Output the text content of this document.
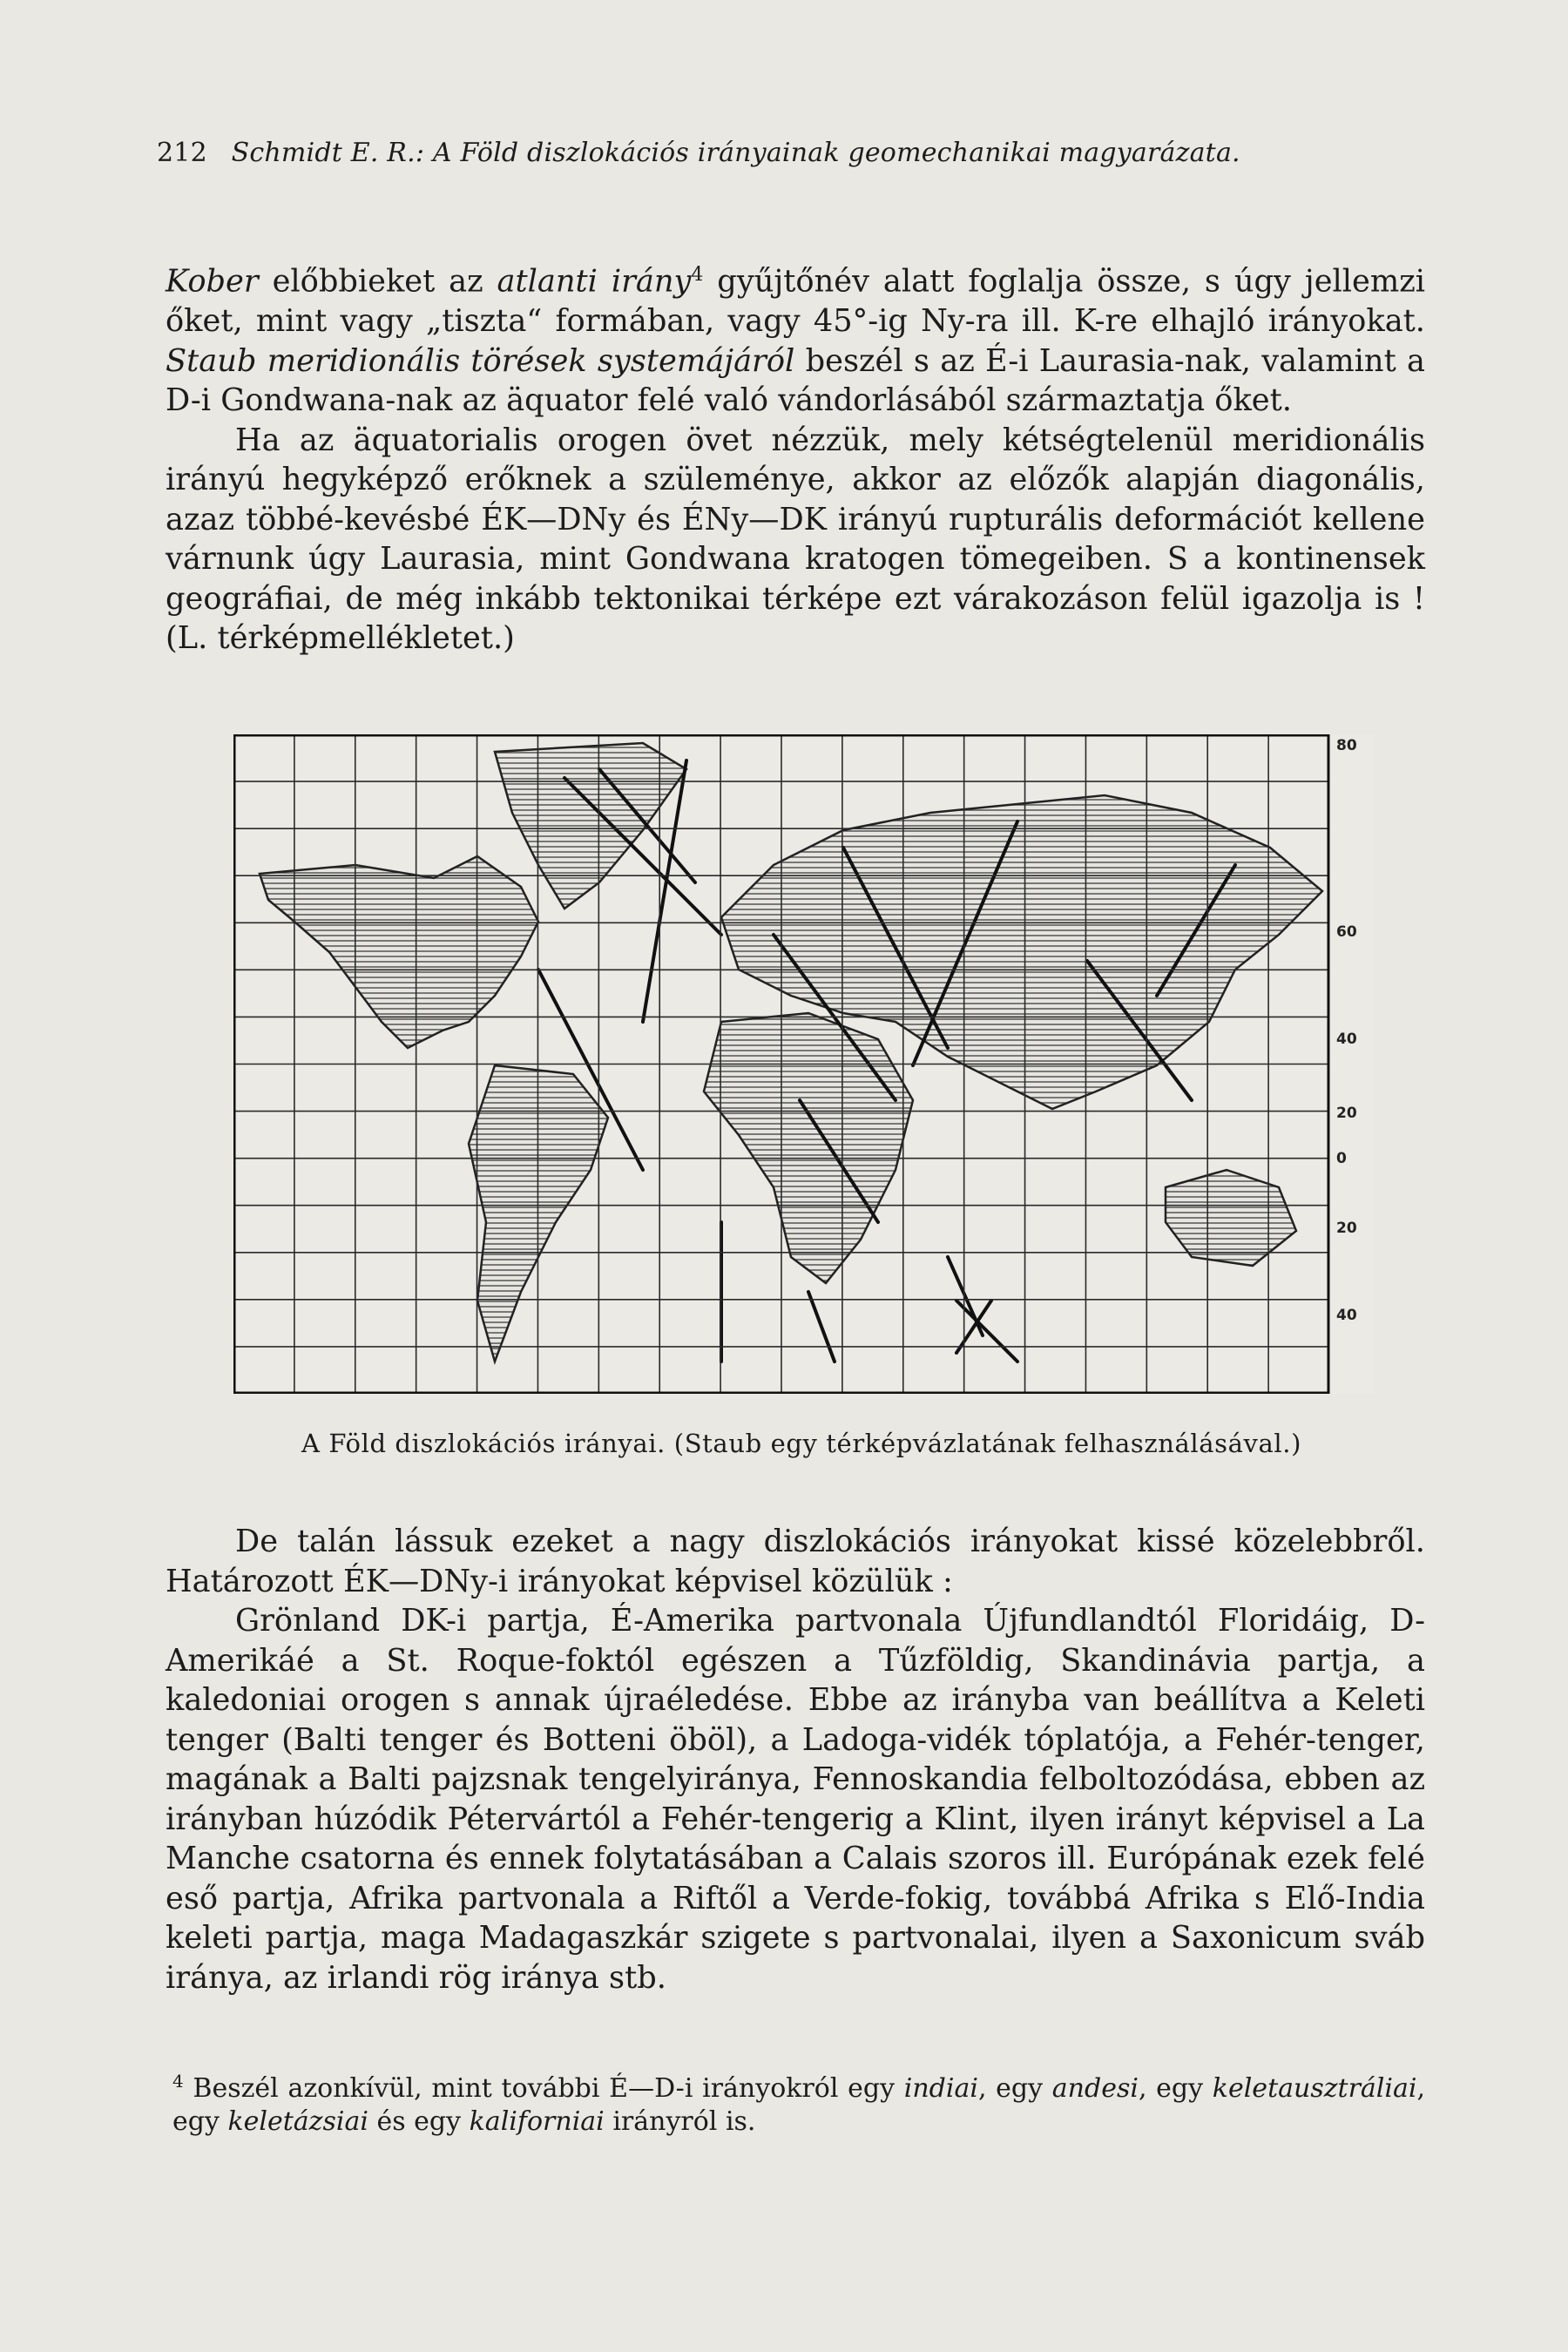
212 Schmidt E. R.: A Föld diszlokációs irányainak geomechanikai magyarázata.

Kober előbbieket az atlanti irány$^4$ gyűjtőnév alatt foglalja össze, s úgy jellemzi őket, mint vagy „tiszta“ formában, vagy 45°-ig Ny-ra ill. K-re elhajló irányokat. Staub meridionális törések systemájáról beszél s az É-i Laurasia-nak, valamint a D-i Gondwana-nak az äquator felé való vándorlásából származtatja őket.

Ha az äquatorialis orogen övet nézzük, mely kétségtelenül meridionális irányú hegyképző erőknek a szüleménye, akkor az előzők alapján diagonális, azaz többé-kevésbé ÉK—DNy és ÉNy—DK irányú rupturális deformációt kellene várnunk úgy Laurasia, mint Gondwana kratogen tömegeiben. S a kontinensek geográfiai, de még inkább tektonikai térképe ezt várakozáson felül igazolja is ! (L. térképmellékletet.)

80
60
40
20
0
20
40
A Föld diszlokációs irányai. (Staub egy térképvázlatának felhasználásával.)

De talán lássuk ezeket a nagy diszlokációs irányokat kissé közelebbről. Határozott ÉK—DNy-i irányokat képvisel közülük :

Grönland DK-i partja, É-Amerika partvonala Újfundlandtól Floridáig, D-Amerikáé a St. Roque-foktól egészen a Tűzföldig, Skandinávia partja, a kaledoniai orogen s annak újraéledése. Ebbe az irányba van beállítva a Keleti tenger (Balti tenger és Botteni öböl), a Ladoga-vidék tóplatója, a Fehér-tenger, magának a Balti pajzsnak tengelyiránya, Fennoskandia felboltozódása, ebben az irányban húzódik Pétervártól a Fehér-tengerig a Klint, ilyen irányt képvisel a La Manche csatorna és ennek folytatásában a Calais szoros ill. Európának ezek felé eső partja, Afrika partvonala a Riftől a Verde-fokig, továbbá Afrika s Elő-India keleti partja, maga Madagaszkár szigete s partvonalai, ilyen a Saxonicum sváb iránya, az irlandi rög iránya stb.

$^4$ Beszél azonkívül, mint további É—D-i irányokról egy indiai, egy andesi, egy keletausztráliai, egy keletázsiai és egy kaliforniai irányról is.
